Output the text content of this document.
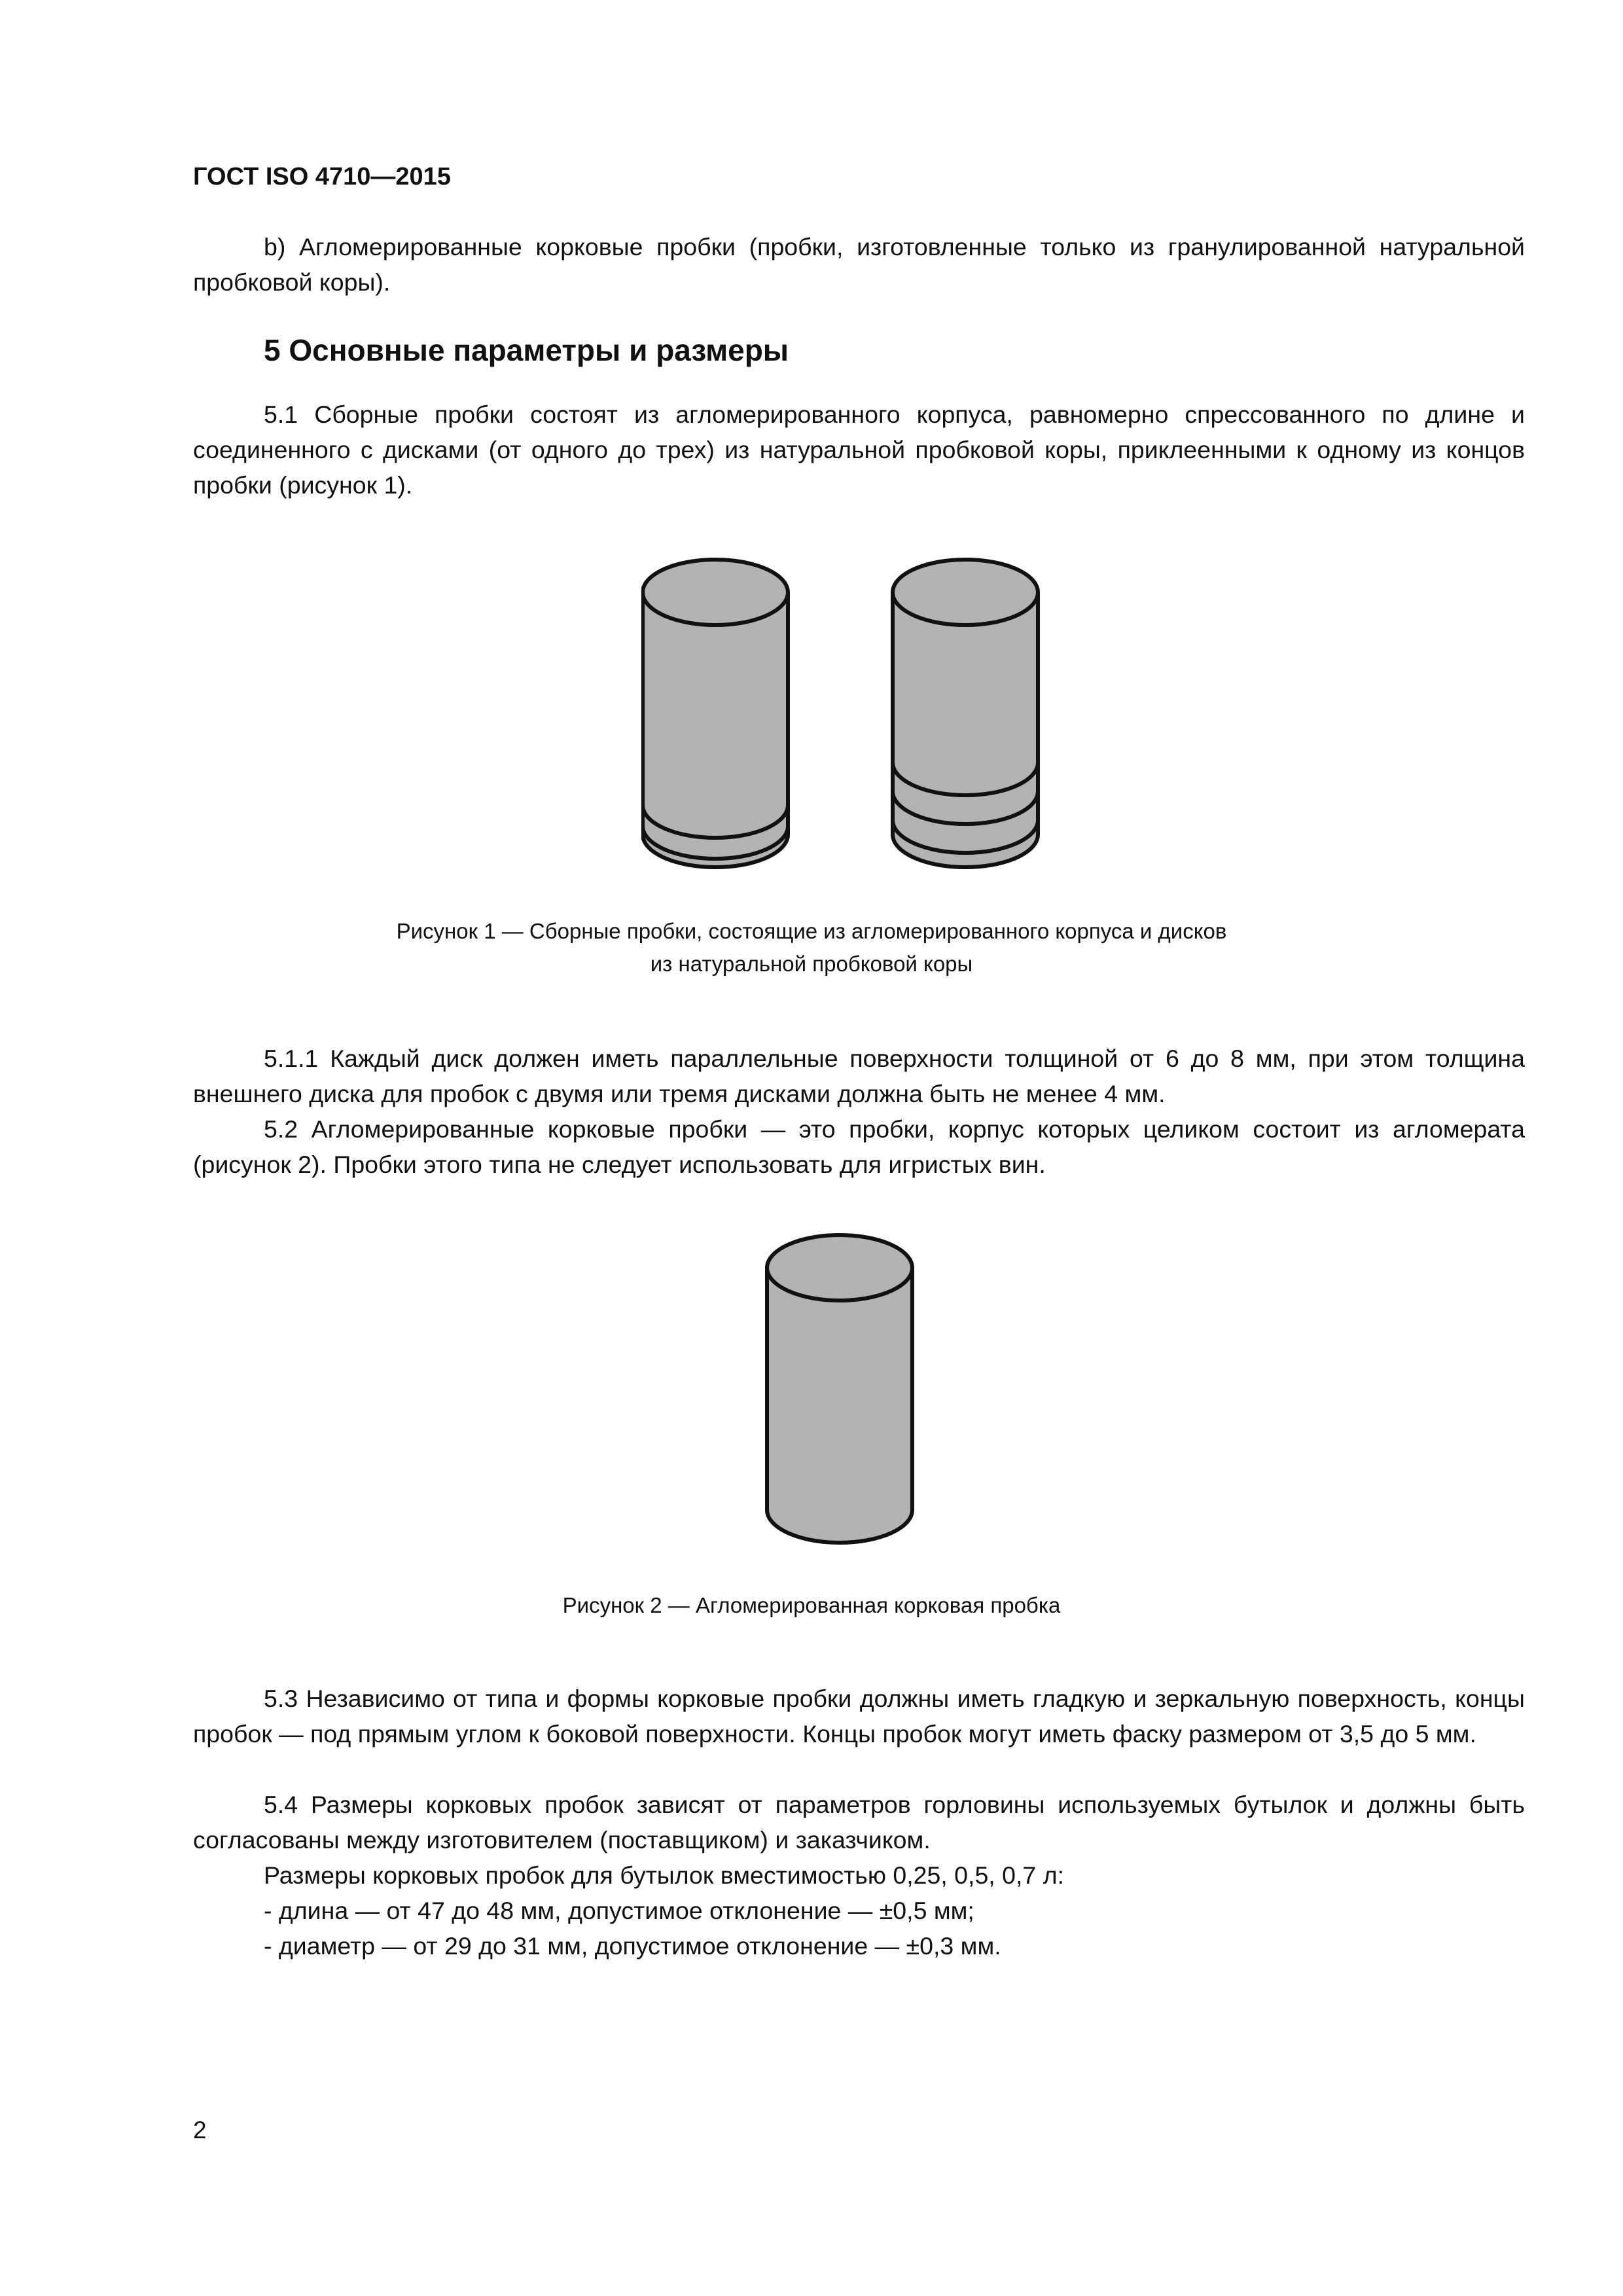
ГОСТ ISO 4710—2015

b) Агломерированные корковые пробки (пробки, изготовленные только из гранулированной натуральной пробковой коры).

5 Основные параметры и размеры

5.1 Сборные пробки состоят из агломерированного корпуса, равномерно спрессованного по длине и соединенного с дисками (от одного до трех) из натуральной пробковой коры, приклеенными к одному из концов пробки (рисунок 1).

Рисунок 1 — Сборные пробки, состоящие из агломерированного корпуса и дисков

из натуральной пробковой коры

5.1.1 Каждый диск должен иметь параллельные поверхности толщиной от 6 до 8 мм, при этом толщина внешнего диска для пробок с двумя или тремя дисками должна быть не менее 4 мм.

5.2 Агломерированные корковые пробки — это пробки, корпус которых целиком состоит из агломерата (рисунок 2). Пробки этого типа не следует использовать для игристых вин.

Рисунок 2 — Агломерированная корковая пробка

5.3 Независимо от типа и формы корковые пробки должны иметь гладкую и зеркальную поверхность, концы пробок — под прямым углом к боковой поверхности. Концы пробок могут иметь фаску размером от 3,5 до 5 мм.

5.4 Размеры корковых пробок зависят от параметров горловины используемых бутылок и должны быть согласованы между изготовителем (поставщиком) и заказчиком.

Размеры корковых пробок для бутылок вместимостью 0,25, 0,5, 0,7 л:

- длина — от 47 до 48 мм, допустимое отклонение — ±0,5 мм;

- диаметр — от 29 до 31 мм, допустимое отклонение — ±0,3 мм.

2
